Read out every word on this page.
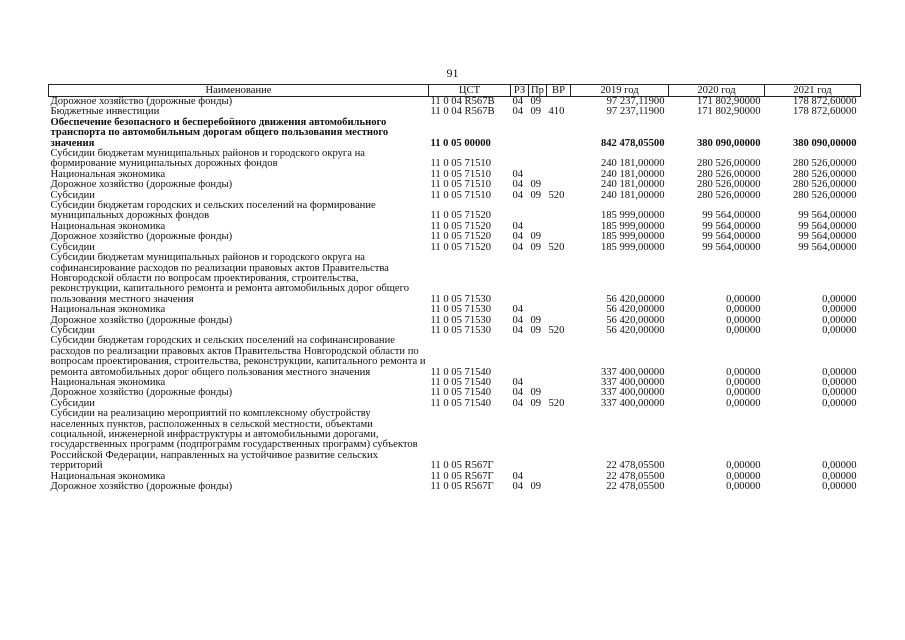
91
Наименование	ЦСТ	РЗ	Пр	ВР	2019 год	2020 год	2021 год
Дорожное хозяйство (дорожные фонды)	11 0 04 R567B	04	09		97 237,11900	171 802,90000	178 872,60000
Бюджетные инвестиции	11 0 04 R567B	04	09	410	97 237,11900	171 802,90000	178 872,60000
Обеспечение безопасного и бесперебойного движения автомобильного транспорта по автомобильным дорогам общего пользования местного значения	11 0 05 00000				842 478,05500	380 090,00000	380 090,00000
Субсидии бюджетам муниципальных районов и городского округа на формирование муниципальных дорожных фондов	11 0 05 71510				240 181,00000	280 526,00000	280 526,00000
Национальная экономика	11 0 05 71510	04			240 181,00000	280 526,00000	280 526,00000
Дорожное хозяйство (дорожные фонды)	11 0 05 71510	04	09		240 181,00000	280 526,00000	280 526,00000
Субсидии	11 0 05 71510	04	09	520	240 181,00000	280 526,00000	280 526,00000
Субсидии бюджетам городских и сельских поселений на формирование муниципальных дорожных фондов	11 0 05 71520				185 999,00000	99 564,00000	99 564,00000
Национальная экономика	11 0 05 71520	04			185 999,00000	99 564,00000	99 564,00000
Дорожное хозяйство (дорожные фонды)	11 0 05 71520	04	09		185 999,00000	99 564,00000	99 564,00000
Субсидии	11 0 05 71520	04	09	520	185 999,00000	99 564,00000	99 564,00000
Субсидии бюджетам муниципальных районов и городского округа на софинансирование расходов по реализации правовых актов Правительства Новгородской области по вопросам проектирования, строительства, реконструкции, капитального ремонта и ремонта автомобильных дорог общего пользования местного значения	11 0 05 71530				56 420,00000	0,00000	0,00000
Национальная экономика	11 0 05 71530	04			56 420,00000	0,00000	0,00000
Дорожное хозяйство (дорожные фонды)	11 0 05 71530	04	09		56 420,00000	0,00000	0,00000
Субсидии	11 0 05 71530	04	09	520	56 420,00000	0,00000	0,00000
Субсидии бюджетам городских и сельских поселений на софинансирование расходов по реализации правовых актов Правительства Новгородской области по вопросам проектирования, строительства, реконструкции, капитального ремонта и ремонта автомобильных дорог общего пользования местного значения	11 0 05 71540				337 400,00000	0,00000	0,00000
Национальная экономика	11 0 05 71540	04			337 400,00000	0,00000	0,00000
Дорожное хозяйство (дорожные фонды)	11 0 05 71540	04	09		337 400,00000	0,00000	0,00000
Субсидии	11 0 05 71540	04	09	520	337 400,00000	0,00000	0,00000
Субсидии на реализацию мероприятий по комплексному обустройству населенных пунктов, расположенных в сельской местности, объектами социальной, инженерной инфраструктуры и автомобильными дорогами, государственных программ (подпрограмм государственных программ) субъектов Российской Федерации, направленных на устойчивое развитие сельских территорий	11 0 05 R567Г				22 478,05500	0,00000	0,00000
Национальная экономика	11 0 05 R567Г	04			22 478,05500	0,00000	0,00000
Дорожное хозяйство (дорожные фонды)	11 0 05 R567Г	04	09		22 478,05500	0,00000	0,00000
